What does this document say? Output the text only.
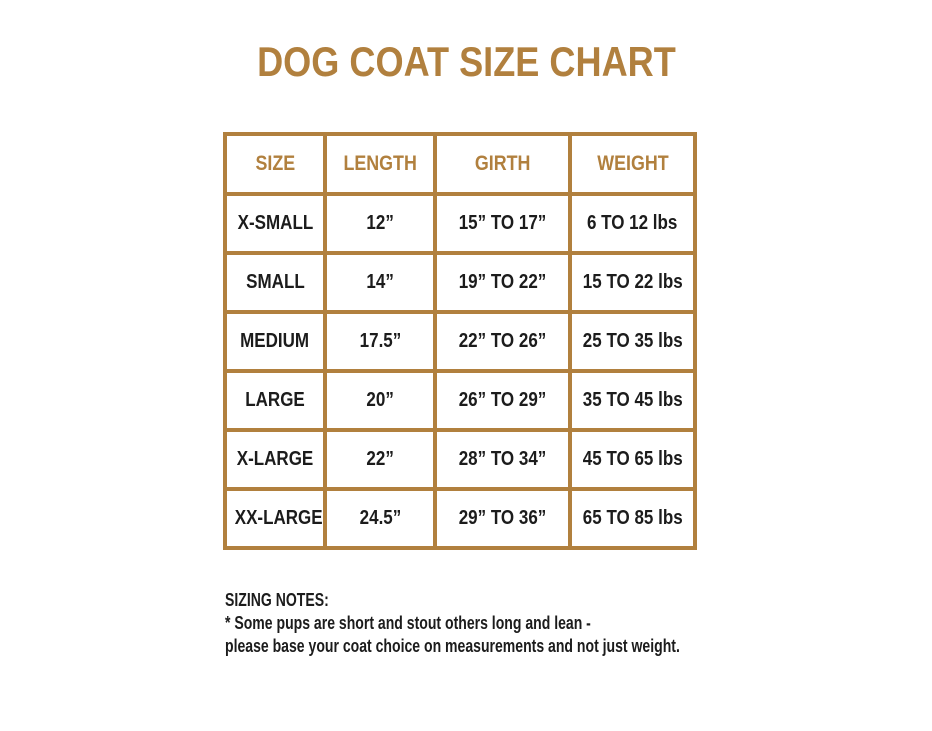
DOG COAT SIZE CHART
SIZE	LENGTH	GIRTH	WEIGHT
X-SMALL	12”	15” TO 17”	6 TO 12 lbs
SMALL	14”	19” TO 22”	15 TO 22 lbs
MEDIUM	17.5”	22” TO 26”	25 TO 35 lbs
LARGE	20”	26” TO 29”	35 TO 45 lbs
X-LARGE	22”	28” TO 34”	45 TO 65 lbs
XX-LARGE	24.5”	29” TO 36”	65 TO 85 lbs
SIZING NOTES:
* Some pups are short and stout others long and lean -
please base your coat choice on measurements and not just weight.
